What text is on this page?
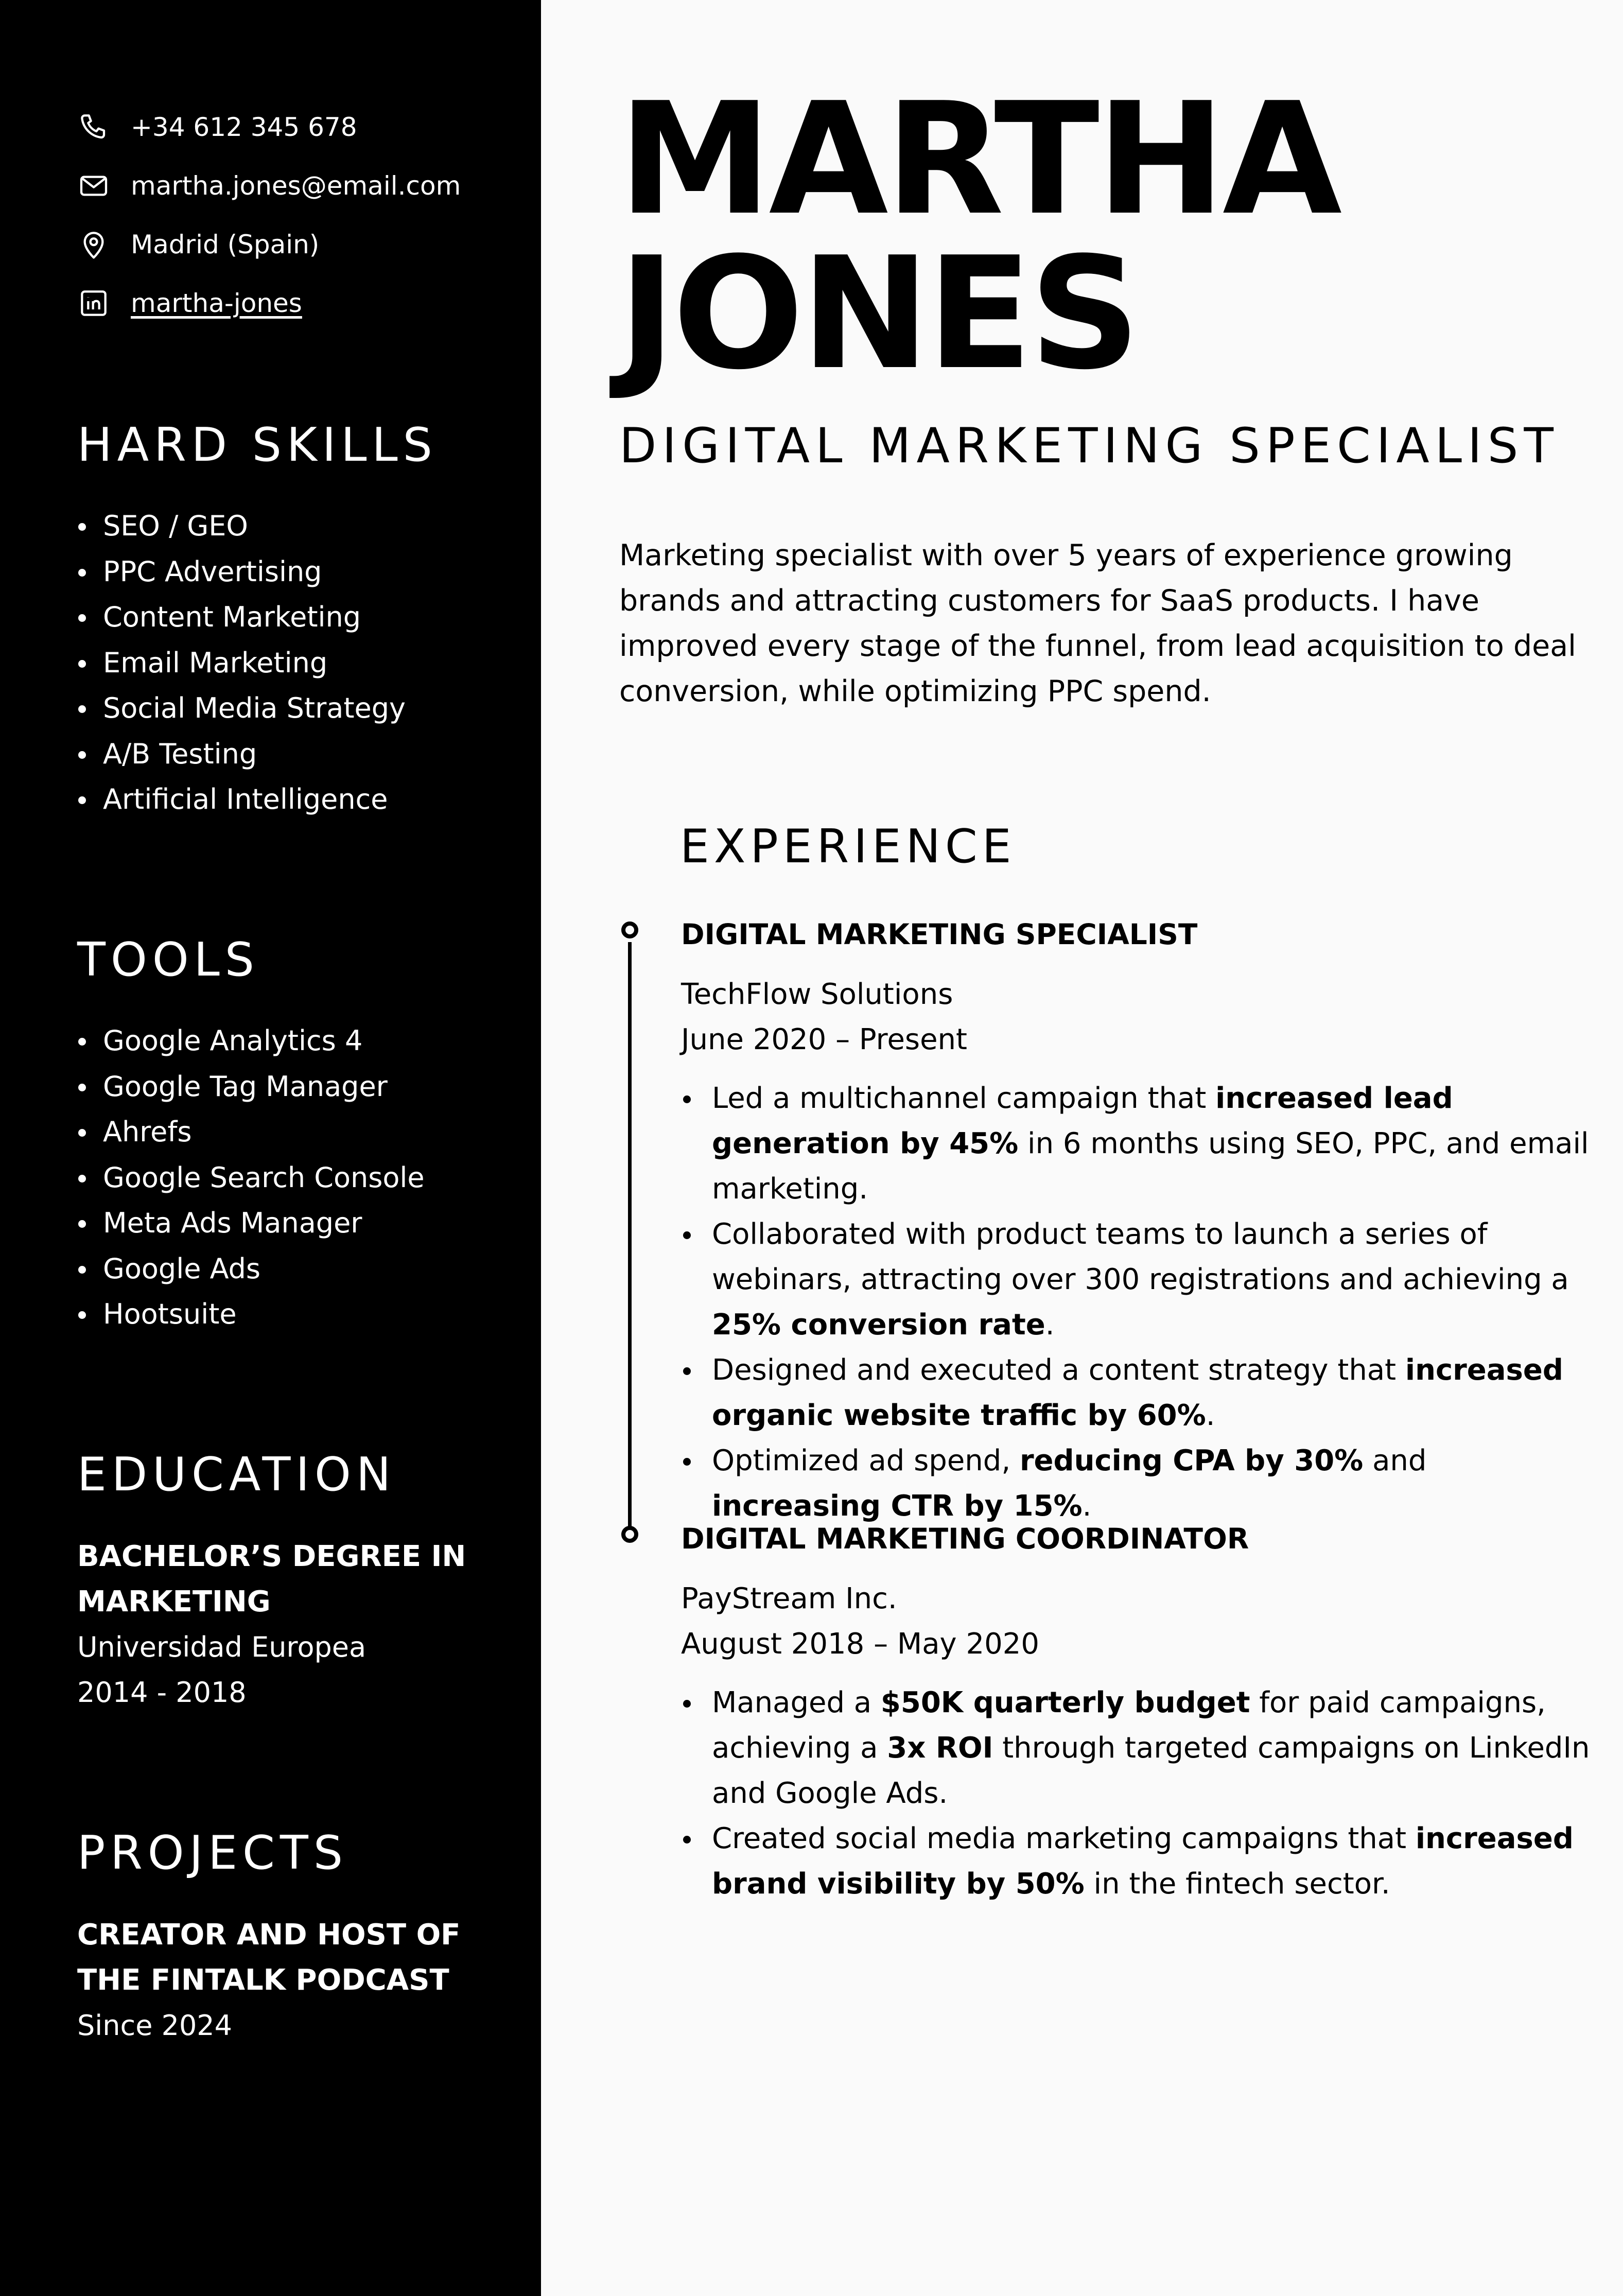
+34 612 345 678
martha.jones@email.com
Madrid (Spain)
martha-jones
HARD SKILLS
SEO / GEO
PPC Advertising
Content Marketing
Email Marketing
Social Media Strategy
A/B Testing
Artificial Intelligence
TOOLS
Google Analytics 4
Google Tag Manager
Ahrefs
Google Search Console
Meta Ads Manager
Google Ads
Hootsuite
EDUCATION
BACHELOR’S DEGREE IN
MARKETING
Universidad Europea
2014 - 2018
PROJECTS
CREATOR AND HOST OF
THE FINTALK PODCAST
Since 2024
MARTHA
JONES
DIGITAL MARKETING SPECIALIST

Marketing specialist with over 5 years of experience growing brands and attracting customers for SaaS products. I have improved every stage of the funnel, from lead acquisition to deal conversion, while optimizing PPC spend.

EXPERIENCE
DIGITAL MARKETING SPECIALIST
TechFlow Solutions
June 2020 – Present
Led a multichannel campaign that increased lead generation by 45% in 6 months using SEO, PPC, and email marketing.
Collaborated with product teams to launch a series of webinars, attracting over 300 registrations and achieving a 25% conversion rate.
Designed and executed a content strategy that increased organic website traffic by 60%.
Optimized ad spend, reducing CPA by 30% and increasing CTR by 15%.
DIGITAL MARKETING COORDINATOR
PayStream Inc.
August 2018 – May 2020
Managed a $50K quarterly budget for paid campaigns, achieving a 3x ROI through targeted campaigns on LinkedIn and Google Ads.
Created social media marketing campaigns that increased brand visibility by 50% in the fintech sector.
